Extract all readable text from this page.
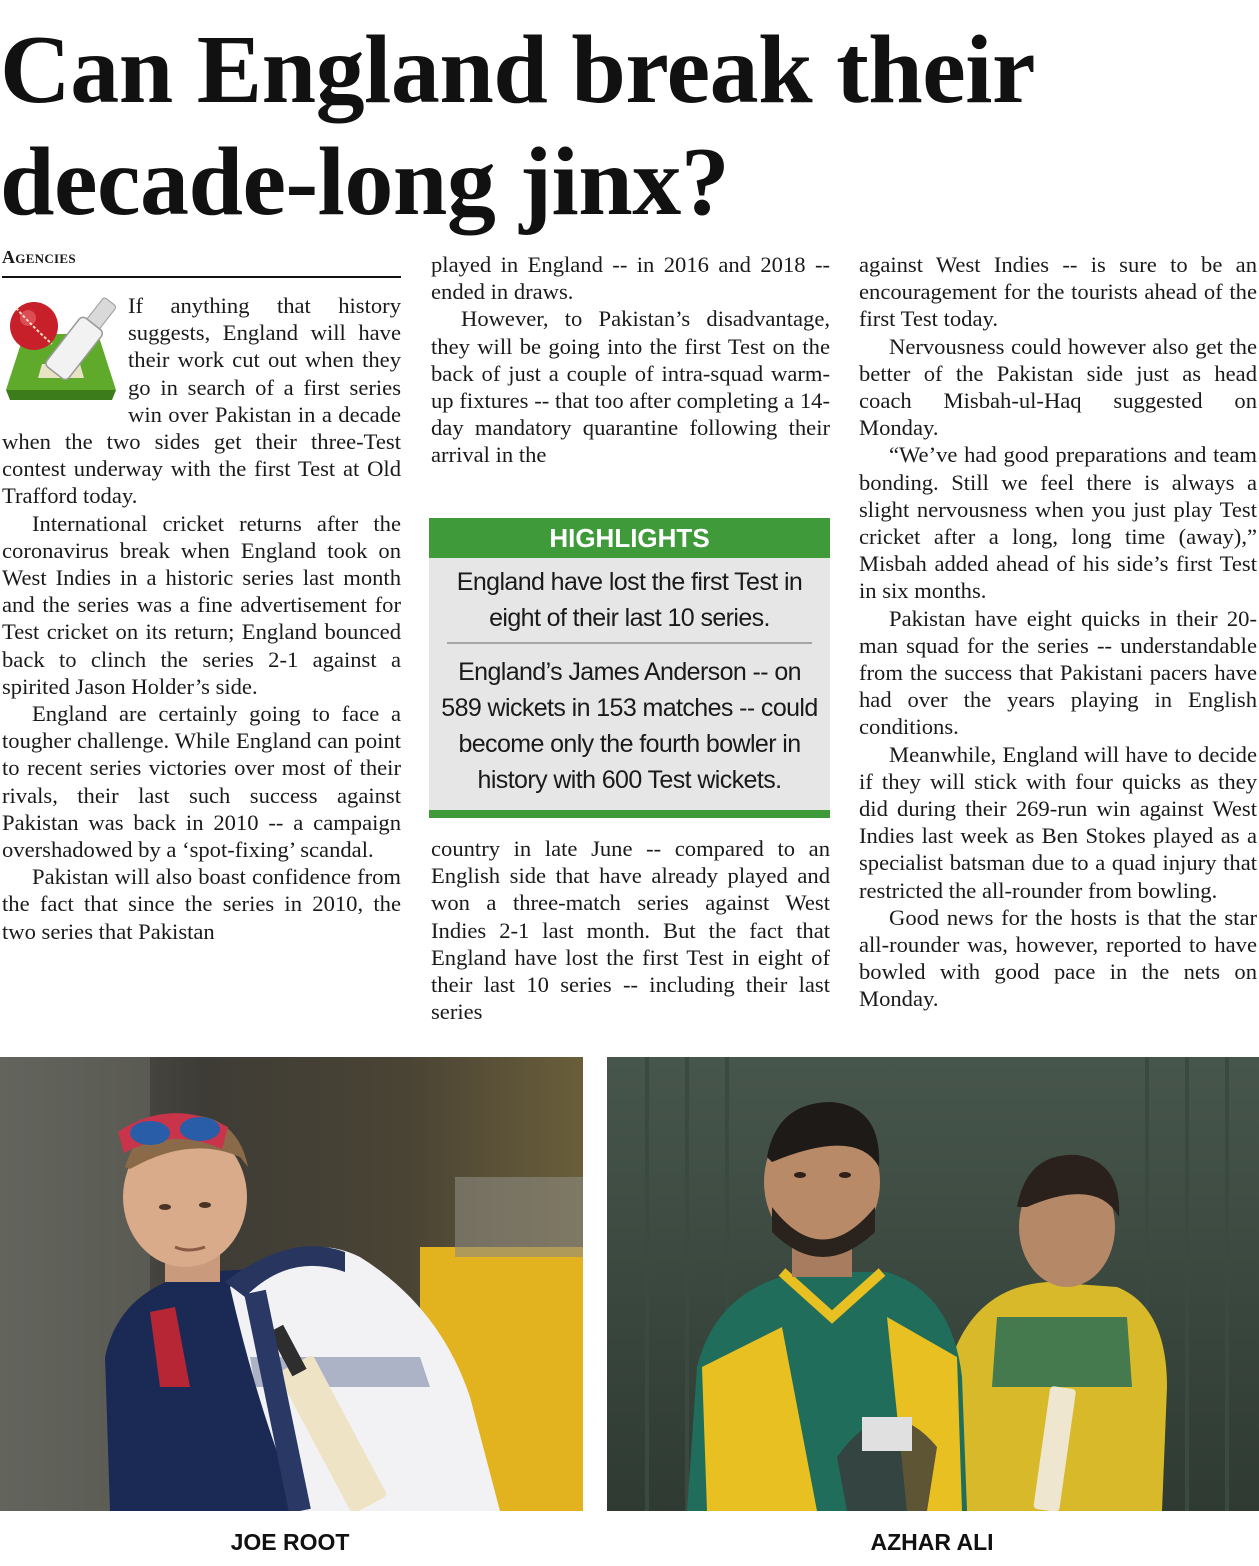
Can England break their
decade-long jinx?
Agencies

If anything that history suggests, England will have their work cut out when they go in search of a first series win over Pakistan in a decade when the two sides get their three-Test contest underway with the first Test at Old Trafford today.

International cricket returns after the coronavirus break when England took on West Indies in a historic series last month and the series was a fine advertisement for Test cricket on its return; England bounced back to clinch the series 2-1 against a spirited Jason Holder’s side.

England are certainly going to face a tougher challenge. While England can point to recent series victories over most of their rivals, their last such success against Pakistan was back in 2010 -- a campaign overshadowed by a ‘spot-fixing’ scandal.

Pakistan will also boast confidence from the fact that since the series in 2010, the two series that Pakistan

played in England -- in 2016 and 2018 -- ended in draws.

However, to Pakistan’s disadvantage, they will be going into the first Test on the back of just a couple of intra-squad warm-up fixtures -- that too after completing a 14-day mandatory quarantine following their arrival in the

HIGHLIGHTS
England have lost the first Test in eight of their last 10 series.
England’s James Anderson -- on 589 wickets in 153 matches -- could become only the fourth bowler in history with 600 Test wickets.

country in late June -- compared to an English side that have already played and won a three-match series against West Indies 2-1 last month. But the fact that England have lost the first Test in eight of their last 10 series -- including their last series

against West Indies -- is sure to be an encouragement for the tourists ahead of the first Test today.

Nervousness could however also get the better of the Pakistan side just as head coach Misbah-ul-Haq suggested on Monday.

“We’ve had good preparations and team bonding. Still we feel there is always a slight nervousness when you just play Test cricket after a long, long time (away),” Misbah added ahead of his side’s first Test in six months.

Pakistan have eight quicks in their 20-man squad for the series -- understandable from the success that Pakistani pacers have had over the years playing in English conditions.

Meanwhile, England will have to decide if they will stick with four quicks as they did during their 269-run win against West Indies last week as Ben Stokes played as a specialist batsman due to a quad injury that restricted the all-rounder from bowling.

Good news for the hosts is that the star all-rounder was, however, reported to have bowled with good pace in the nets on Monday.

JOE ROOT	AZHAR ALI
